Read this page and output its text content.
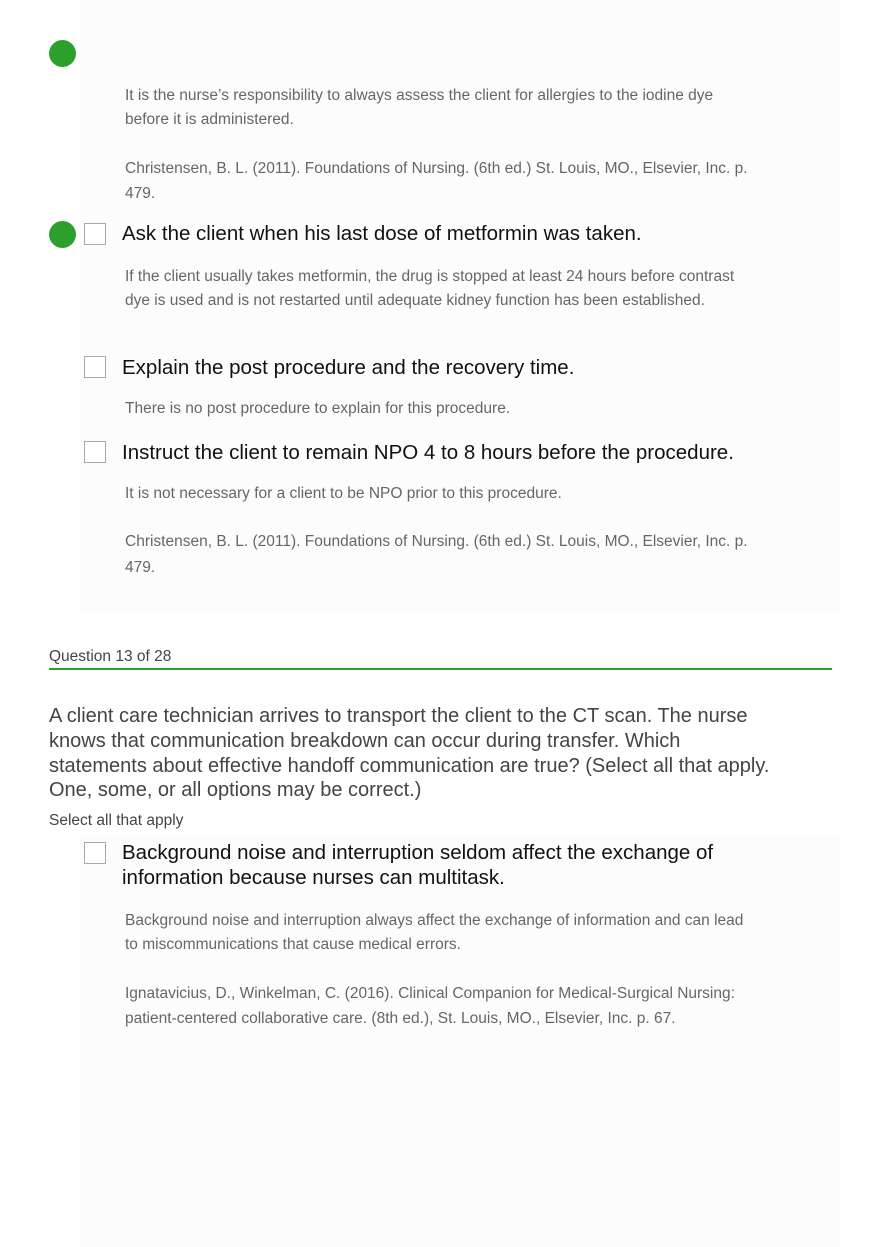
It is the nurse’s responsibility to always assess the client for allergies to the iodine dye
before it is administered.
Christensen, B. L. (2011). Foundations of Nursing. (6th ed.) St. Louis, MO., Elsevier, Inc. p.
479.
Ask the client when his last dose of metformin was taken.
If the client usually takes metformin, the drug is stopped at least 24 hours before contrast
dye is used and is not restarted until adequate kidney function has been established.
Explain the post procedure and the recovery time.
There is no post procedure to explain for this procedure.
Instruct the client to remain NPO 4 to 8 hours before the procedure.
It is not necessary for a client to be NPO prior to this procedure.
Christensen, B. L. (2011). Foundations of Nursing. (6th ed.) St. Louis, MO., Elsevier, Inc. p.
479.
Question 13 of 28
A client care technician arrives to transport the client to the CT scan. The nurse
knows that communication breakdown can occur during transfer. Which
statements about effective handoff communication are true? (Select all that apply.
One, some, or all options may be correct.)
Select all that apply
Background noise and interruption seldom affect the exchange of
information because nurses can multitask.
Background noise and interruption always affect the exchange of information and can lead
to miscommunications that cause medical errors.
Ignatavicius, D., Winkelman, C. (2016). Clinical Companion for Medical-Surgical Nursing:
patient-centered collaborative care. (8th ed.), St. Louis, MO., Elsevier, Inc. p. 67.
